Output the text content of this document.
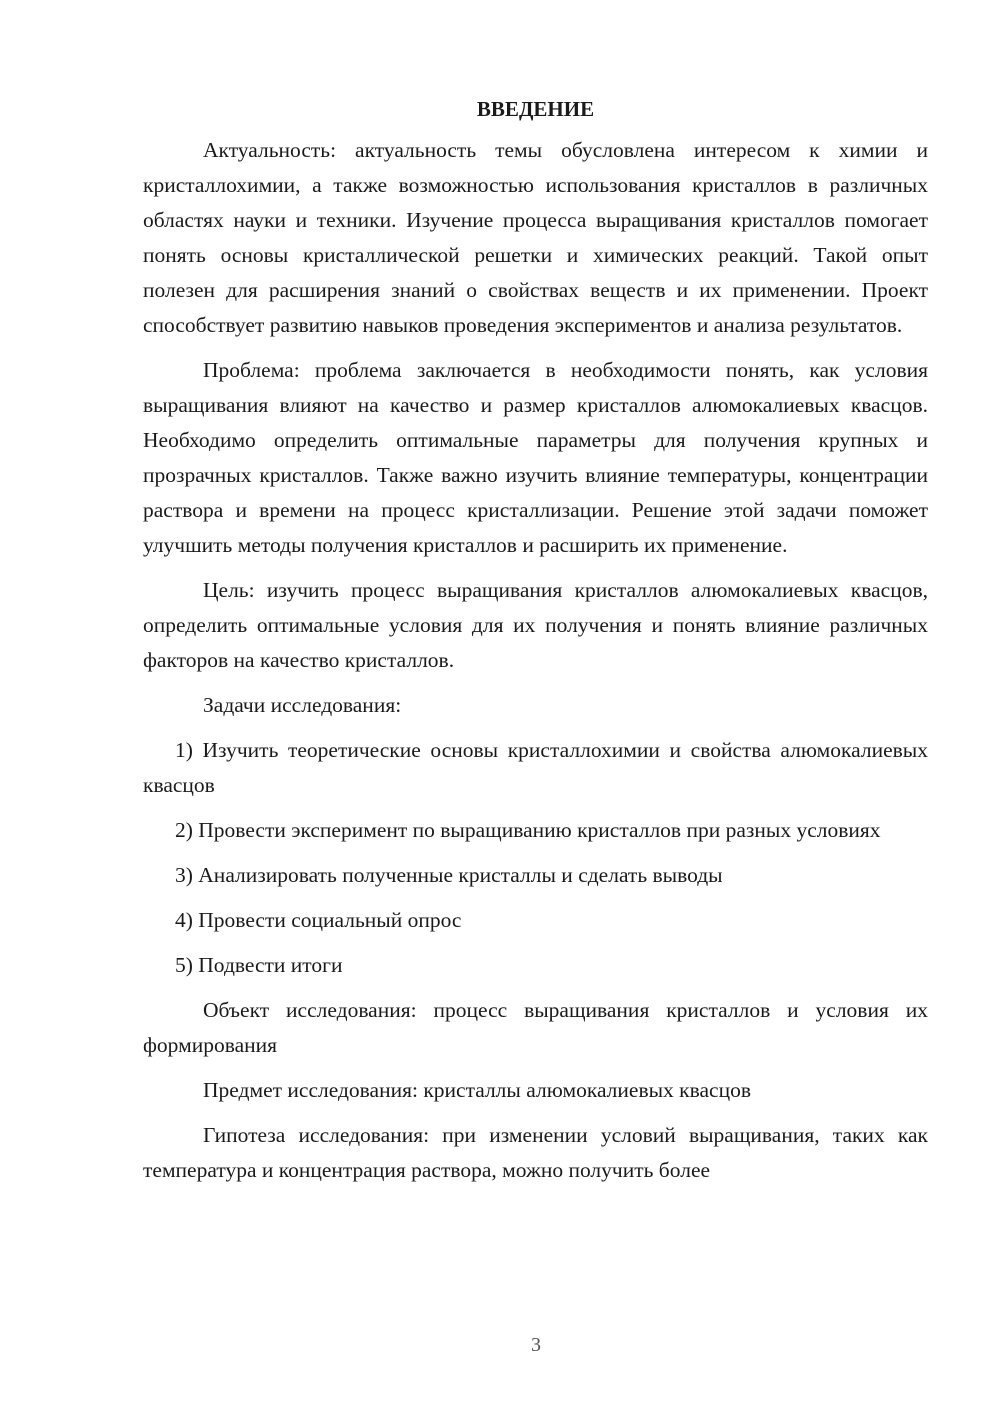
ВВЕДЕНИЕ

Актуальность: актуальность темы обусловлена интересом к химии и кристаллохимии, а также возможностью использования кристаллов в различных областях науки и техники. Изучение процесса выращивания кристаллов помогает понять основы кристаллической решетки и химических реакций. Такой опыт полезен для расширения знаний о свойствах веществ и их применении. Проект способствует развитию навыков проведения экспериментов и анализа результатов.

Проблема: проблема заключается в необходимости понять, как условия выращивания влияют на качество и размер кристаллов алюмокалиевых квасцов. Необходимо определить оптимальные параметры для получения крупных и прозрачных кристаллов. Также важно изучить влияние температуры, концентрации раствора и времени на процесс кристаллизации. Решение этой задачи поможет улучшить методы получения кристаллов и расширить их применение.

Цель: изучить процесс выращивания кристаллов алюмокалиевых квасцов, определить оптимальные условия для их получения и понять влияние различных факторов на качество кристаллов.

Задачи исследования:

1) Изучить теоретические основы кристаллохимии и свойства алюмокалиевых квасцов

2) Провести эксперимент по выращиванию кристаллов при разных условиях

3) Анализировать полученные кристаллы и сделать выводы

4) Провести социальный опрос

5) Подвести итоги

Объект исследования: процесс выращивания кристаллов и условия их формирования

Предмет исследования: кристаллы алюмокалиевых квасцов

Гипотеза исследования: при изменении условий выращивания, таких как температура и концентрация раствора, можно получить более

3
